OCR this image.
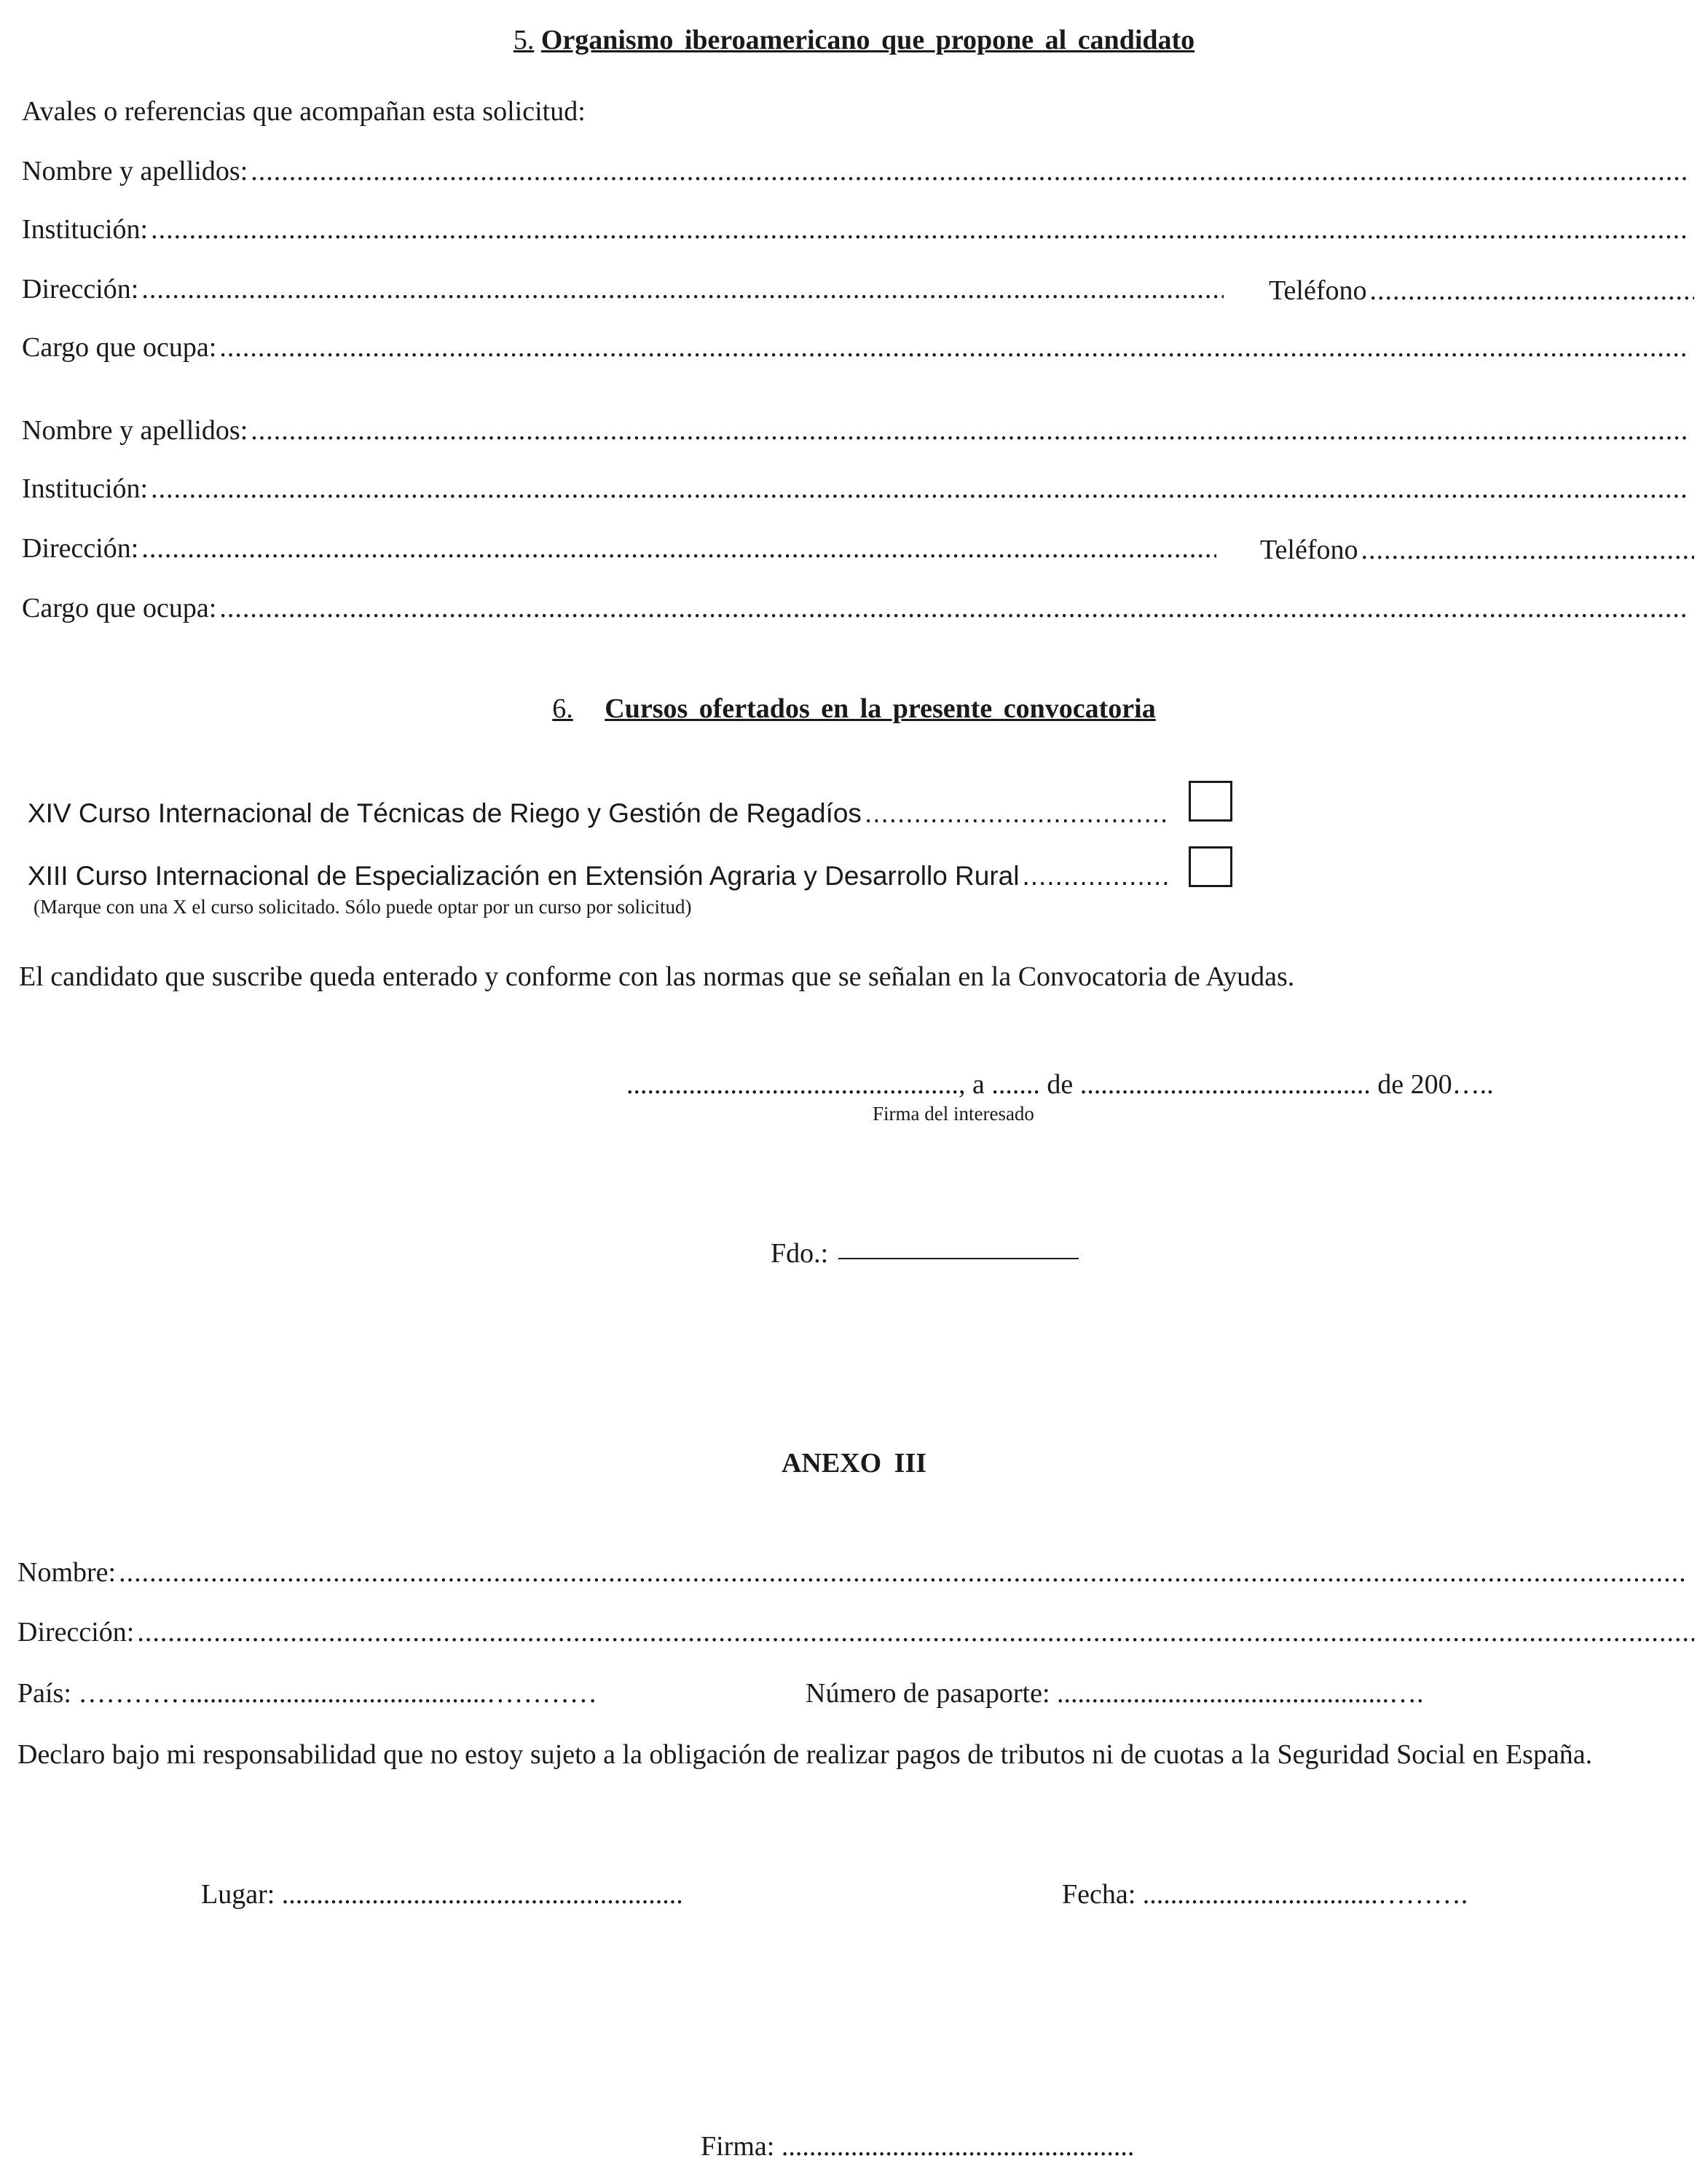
5. Organismo iberoamericano que propone al candidato
Avales o referencias que acompañan esta solicitud:
Nombre y apellidos:
.....
Institución:
.....
Dirección: .....	Teléfono
.....
Cargo que ocupa:
.....
Nombre y apellidos:
.....
Institución:
.....
Dirección: .....	Teléfono
.....
Cargo que ocupa:
.....
6. Cursos ofertados en la presente convocatoria
XIV Curso Internacional de Técnicas de Riego y Gestión de Regadíos
.....
XIII Curso Internacional de Especialización en Extensión Agraria y Desarrollo Rural
.....
(Marque con una X el curso solicitado. Sólo puede optar por un curso por solicitud)
El candidato que suscribe queda enterado y conforme con las normas que se señalan en la Convocatoria de Ayudas.
................................................, a ....... de .......................................... de 200…..
Firma del interesado
Fdo.:
ANEXO III
Nombre:
.....
Dirección:
.....
País: …………...........................................…………	Número de pasaporte: ................................................….
Declaro bajo mi responsabilidad que no estoy sujeto a la obligación de realizar pagos de tributos ni de cuotas a la Seguridad Social en España.
Lugar: ..........................................................	Fecha: ..................................……….
Firma: ...................................................
